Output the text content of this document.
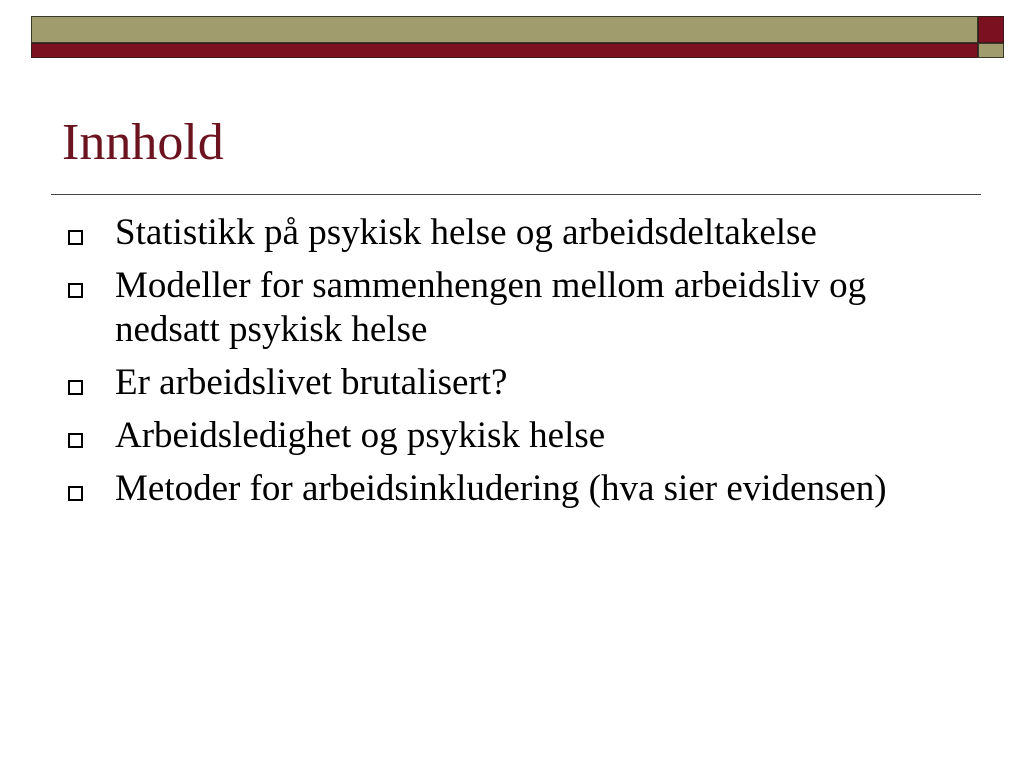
Innhold
Statistikk på psykisk helse og arbeidsdeltakelse
Modeller for sammenhengen mellom arbeidsliv og nedsatt psykisk helse
Er arbeidslivet brutalisert?
Arbeidsledighet og psykisk helse
Metoder for arbeidsinkludering (hva sier evidensen)
